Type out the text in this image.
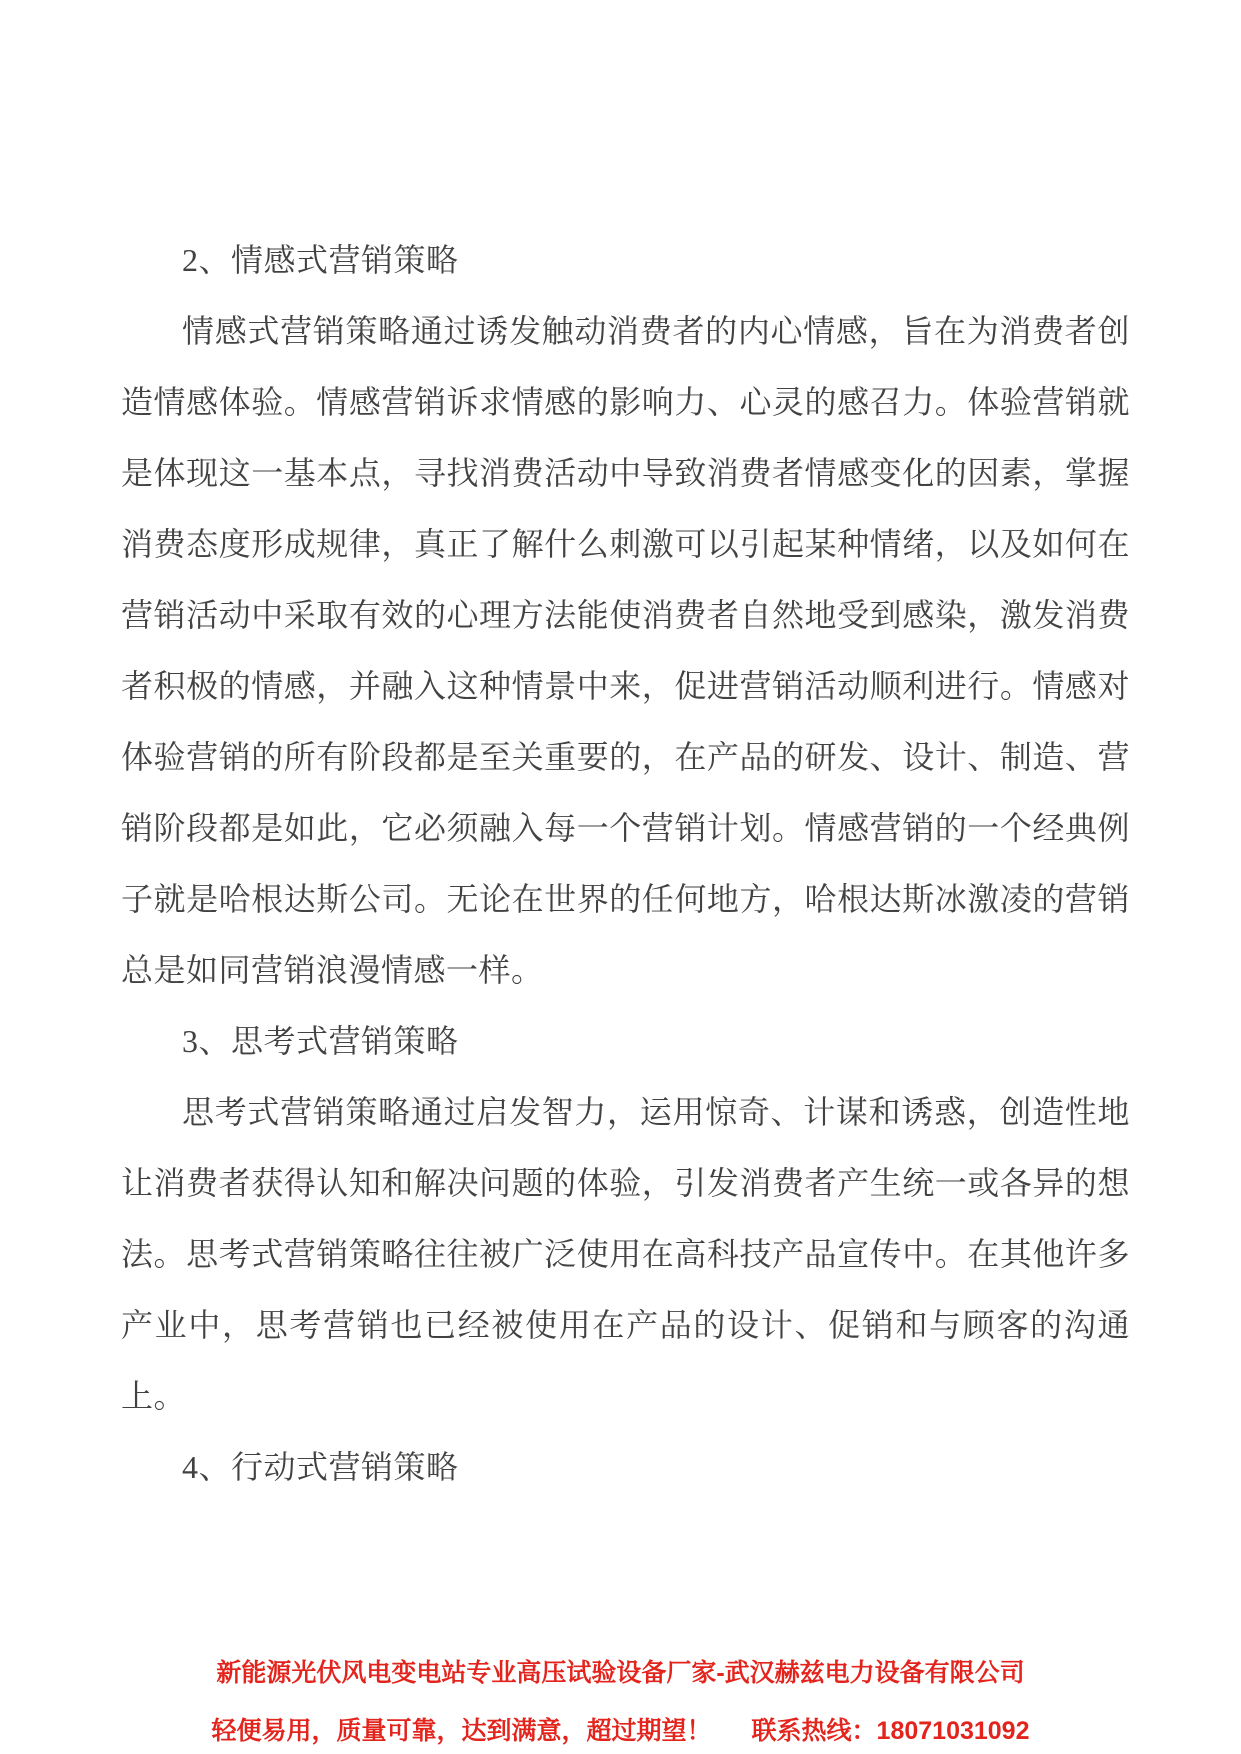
2、情感式营销策略

情感式营销策略通过诱发触动消费者的内心情感，旨在为消费者创造情感体验。情感营销诉求情感的影响力、心灵的感召力。体验营销就是体现这一基本点，寻找消费活动中导致消费者情感变化的因素，掌握消费态度形成规律，真正了解什么刺激可以引起某种情绪，以及如何在营销活动中采取有效的心理方法能使消费者自然地受到感染，激发消费者积极的情感，并融入这种情景中来，促进营销活动顺利进行。情感对体验营销的所有阶段都是至关重要的，在产品的研发、设计、制造、营销阶段都是如此，它必须融入每一个营销计划。情感营销的一个经典例子就是哈根达斯公司。无论在世界的任何地方，哈根达斯冰激凌的营销总是如同营销浪漫情感一样。

3、思考式营销策略

思考式营销策略通过启发智力，运用惊奇、计谋和诱惑，创造性地让消费者获得认知和解决问题的体验，引发消费者产生统一或各异的想法。思考式营销策略往往被广泛使用在高科技产品宣传中。在其他许多产业中，思考营销也已经被使用在产品的设计、促销和与顾客的沟通上。

4、行动式营销策略

新能源光伏风电变电站专业高压试验设备厂家-武汉赫兹电力设备有限公司
轻便易用，质量可靠，达到满意，超过期望！ 联系热线：18071031092
